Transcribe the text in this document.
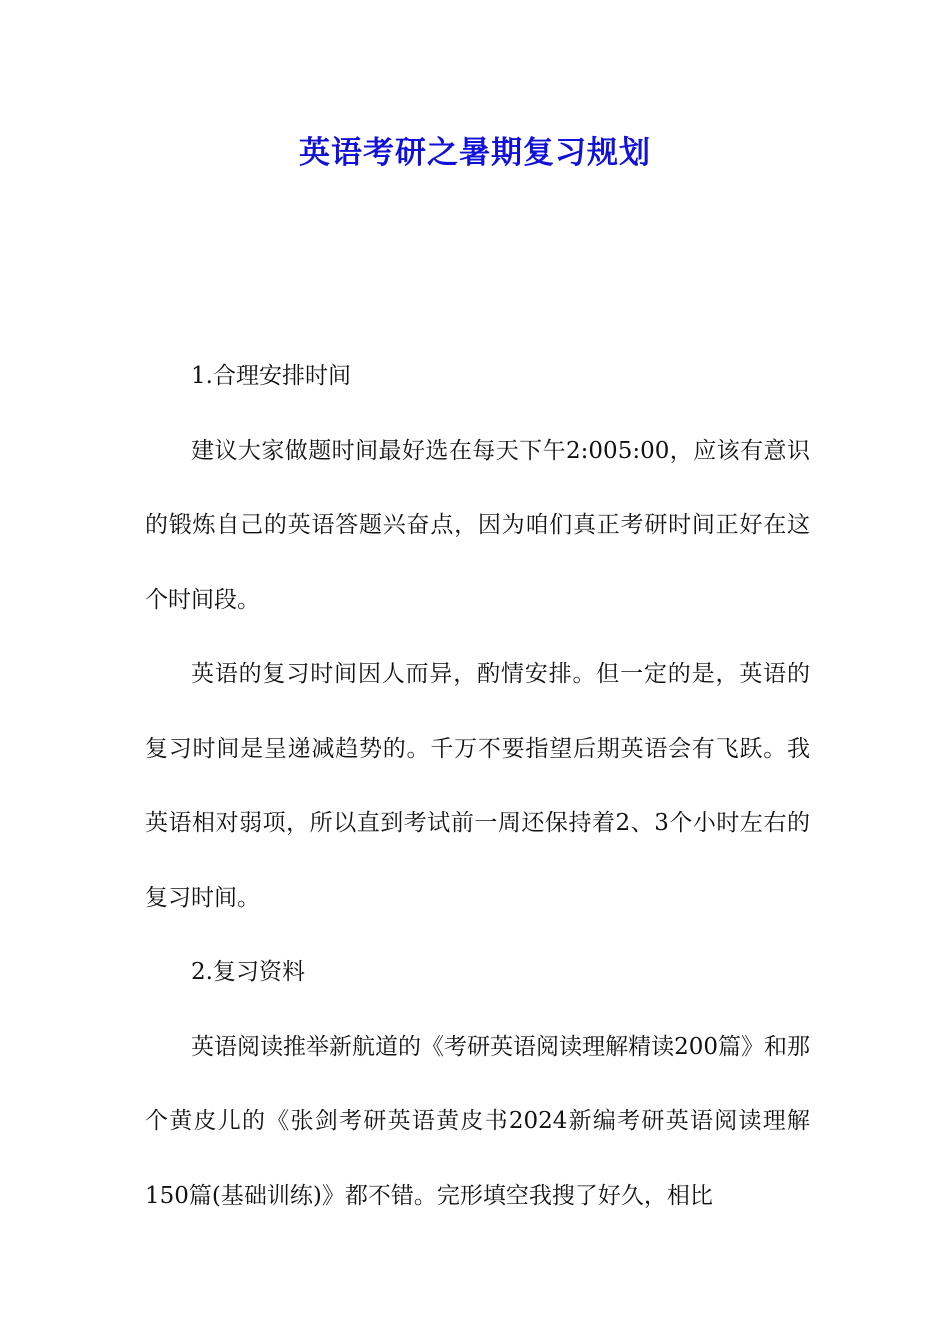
英语考研之暑期复习规划

1.合理安排时间

建议大家做题时间最好选在每天下午2:005:00，应该有意识的锻炼自己的英语答题兴奋点，因为咱们真正考研时间正好在这个时间段。

英语的复习时间因人而异，酌情安排。但一定的是，英语的复习时间是呈递减趋势的。千万不要指望后期英语会有飞跃。我英语相对弱项，所以直到考试前一周还保持着2、3个小时左右的复习时间。

2.复习资料

英语阅读推举新航道的《考研英语阅读理解精读200篇》和那个黄皮儿的《张剑考研英语黄皮书2024新编考研英语阅读理解150篇(基础训练)》都不错。完形填空我搜了好久，相比
